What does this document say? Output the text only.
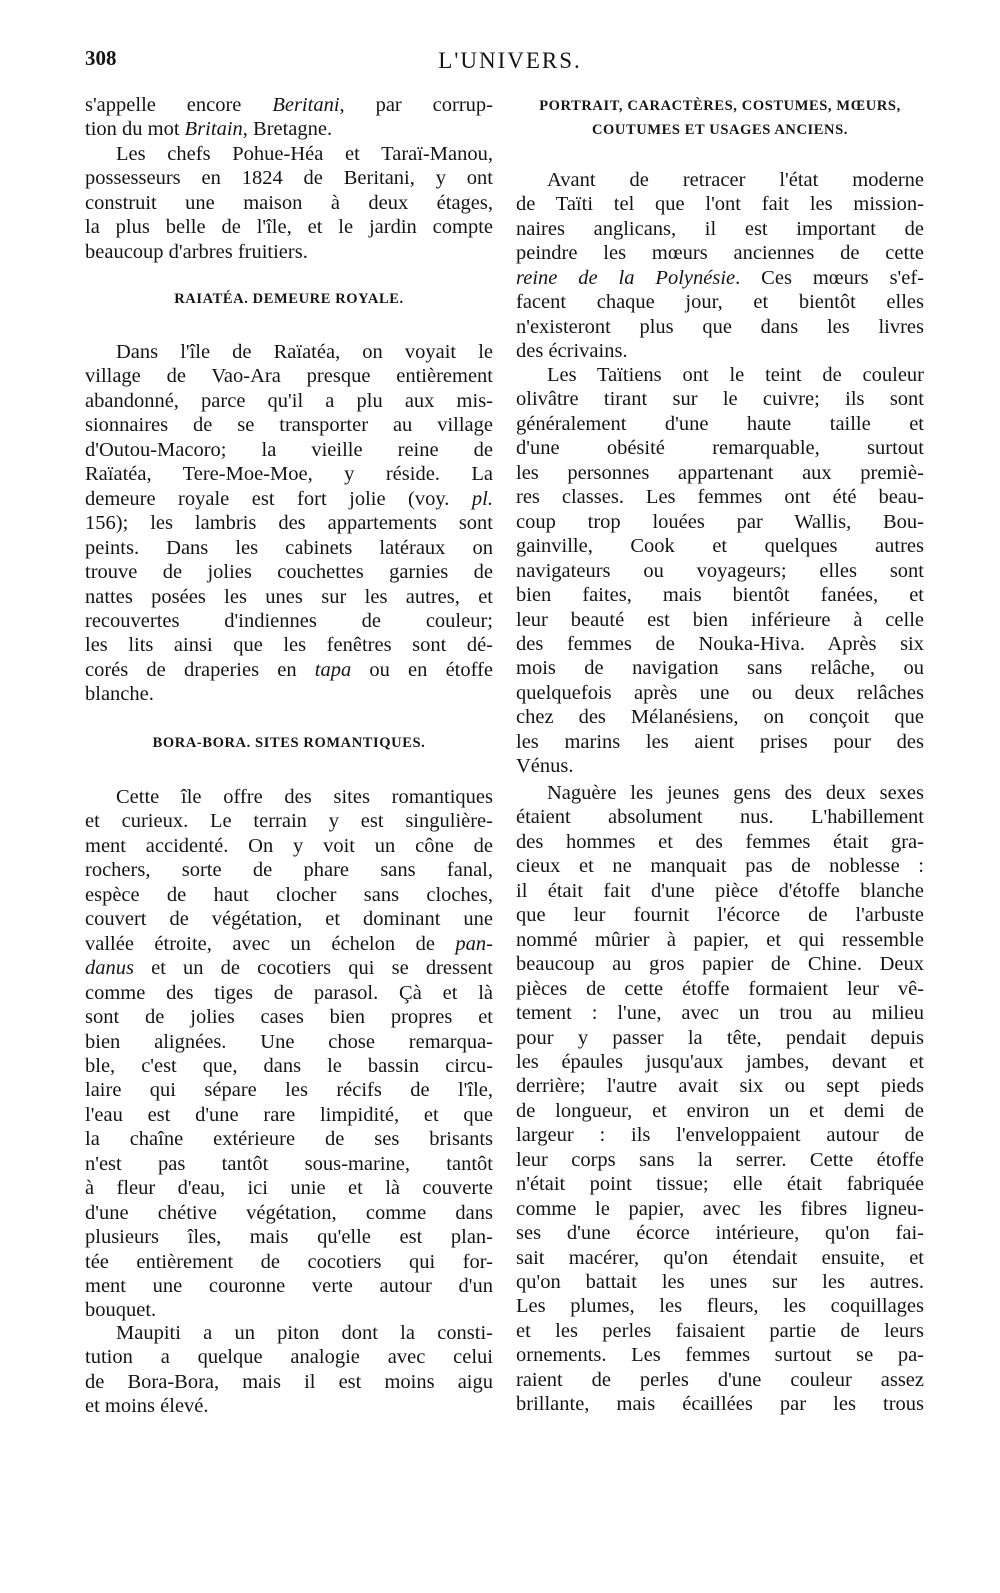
308	L'UNIVERS.
s'appelle encore Beritani, par corrup-
tion du mot Britain, Bretagne.
Les chefs Pohue-Héa et Taraï-Manou,
possesseurs en 1824 de Beritani, y ont
construit une maison à deux étages,
la plus belle de l'île, et le jardin compte
beaucoup d'arbres fruitiers.
RAIATÉA. DEMEURE ROYALE.
Dans l'île de Raïatéa, on voyait le
village de Vao-Ara presque entièrement
abandonné, parce qu'il a plu aux mis-
sionnaires de se transporter au village
d'Outou-Macoro; la vieille reine de
Raïatéa, Tere-Moe-Moe, y réside. La
demeure royale est fort jolie (voy. pl.
156); les lambris des appartements sont
peints. Dans les cabinets latéraux on
trouve de jolies couchettes garnies de
nattes posées les unes sur les autres, et
recouvertes d'indiennes de couleur;
les lits ainsi que les fenêtres sont dé-
corés de draperies en tapa ou en étoffe
blanche.
BORA-BORA. SITES ROMANTIQUES.
Cette île offre des sites romantiques
et curieux. Le terrain y est singulière-
ment accidenté. On y voit un cône de
rochers, sorte de phare sans fanal,
espèce de haut clocher sans cloches,
couvert de végétation, et dominant une
vallée étroite, avec un échelon de pan-
danus et un de cocotiers qui se dressent
comme des tiges de parasol. Çà et là
sont de jolies cases bien propres et
bien alignées. Une chose remarqua-
ble, c'est que, dans le bassin circu-
laire qui sépare les récifs de l'île,
l'eau est d'une rare limpidité, et que
la chaîne extérieure de ses brisants
n'est pas tantôt sous-marine, tantôt
à fleur d'eau, ici unie et là couverte
d'une chétive végétation, comme dans
plusieurs îles, mais qu'elle est plan-
tée entièrement de cocotiers qui for-
ment une couronne verte autour d'un
bouquet.
Maupiti a un piton dont la consti-
tution a quelque analogie avec celui
de Bora-Bora, mais il est moins aigu
et moins élevé.
PORTRAIT, CARACTÈRES, COSTUMES, MŒURS,
COUTUMES ET USAGES ANCIENS.
Avant de retracer l'état moderne
de Taïti tel que l'ont fait les mission-
naires anglicans, il est important de
peindre les mœurs anciennes de cette
reine de la Polynésie. Ces mœurs s'ef-
facent chaque jour, et bientôt elles
n'existeront plus que dans les livres
des écrivains.
Les Taïtiens ont le teint de couleur
olivâtre tirant sur le cuivre; ils sont
généralement d'une haute taille et
d'une obésité remarquable, surtout
les personnes appartenant aux premiè-
res classes. Les femmes ont été beau-
coup trop louées par Wallis, Bou-
gainville, Cook et quelques autres
navigateurs ou voyageurs; elles sont
bien faites, mais bientôt fanées, et
leur beauté est bien inférieure à celle
des femmes de Nouka-Hiva. Après six
mois de navigation sans relâche, ou
quelquefois après une ou deux relâches
chez des Mélanésiens, on conçoit que
les marins les aient prises pour des
Vénus.
Naguère les jeunes gens des deux sexes
étaient absolument nus. L'habillement
des hommes et des femmes était gra-
cieux et ne manquait pas de noblesse :
il était fait d'une pièce d'étoffe blanche
que leur fournit l'écorce de l'arbuste
nommé mûrier à papier, et qui ressemble
beaucoup au gros papier de Chine. Deux
pièces de cette étoffe formaient leur vê-
tement : l'une, avec un trou au milieu
pour y passer la tête, pendait depuis
les épaules jusqu'aux jambes, devant et
derrière; l'autre avait six ou sept pieds
de longueur, et environ un et demi de
largeur : ils l'enveloppaient autour de
leur corps sans la serrer. Cette étoffe
n'était point tissue; elle était fabriquée
comme le papier, avec les fibres ligneu-
ses d'une écorce intérieure, qu'on fai-
sait macérer, qu'on étendait ensuite, et
qu'on battait les unes sur les autres.
Les plumes, les fleurs, les coquillages
et les perles faisaient partie de leurs
ornements. Les femmes surtout se pa-
raient de perles d'une couleur assez
brillante, mais écaillées par les trous
